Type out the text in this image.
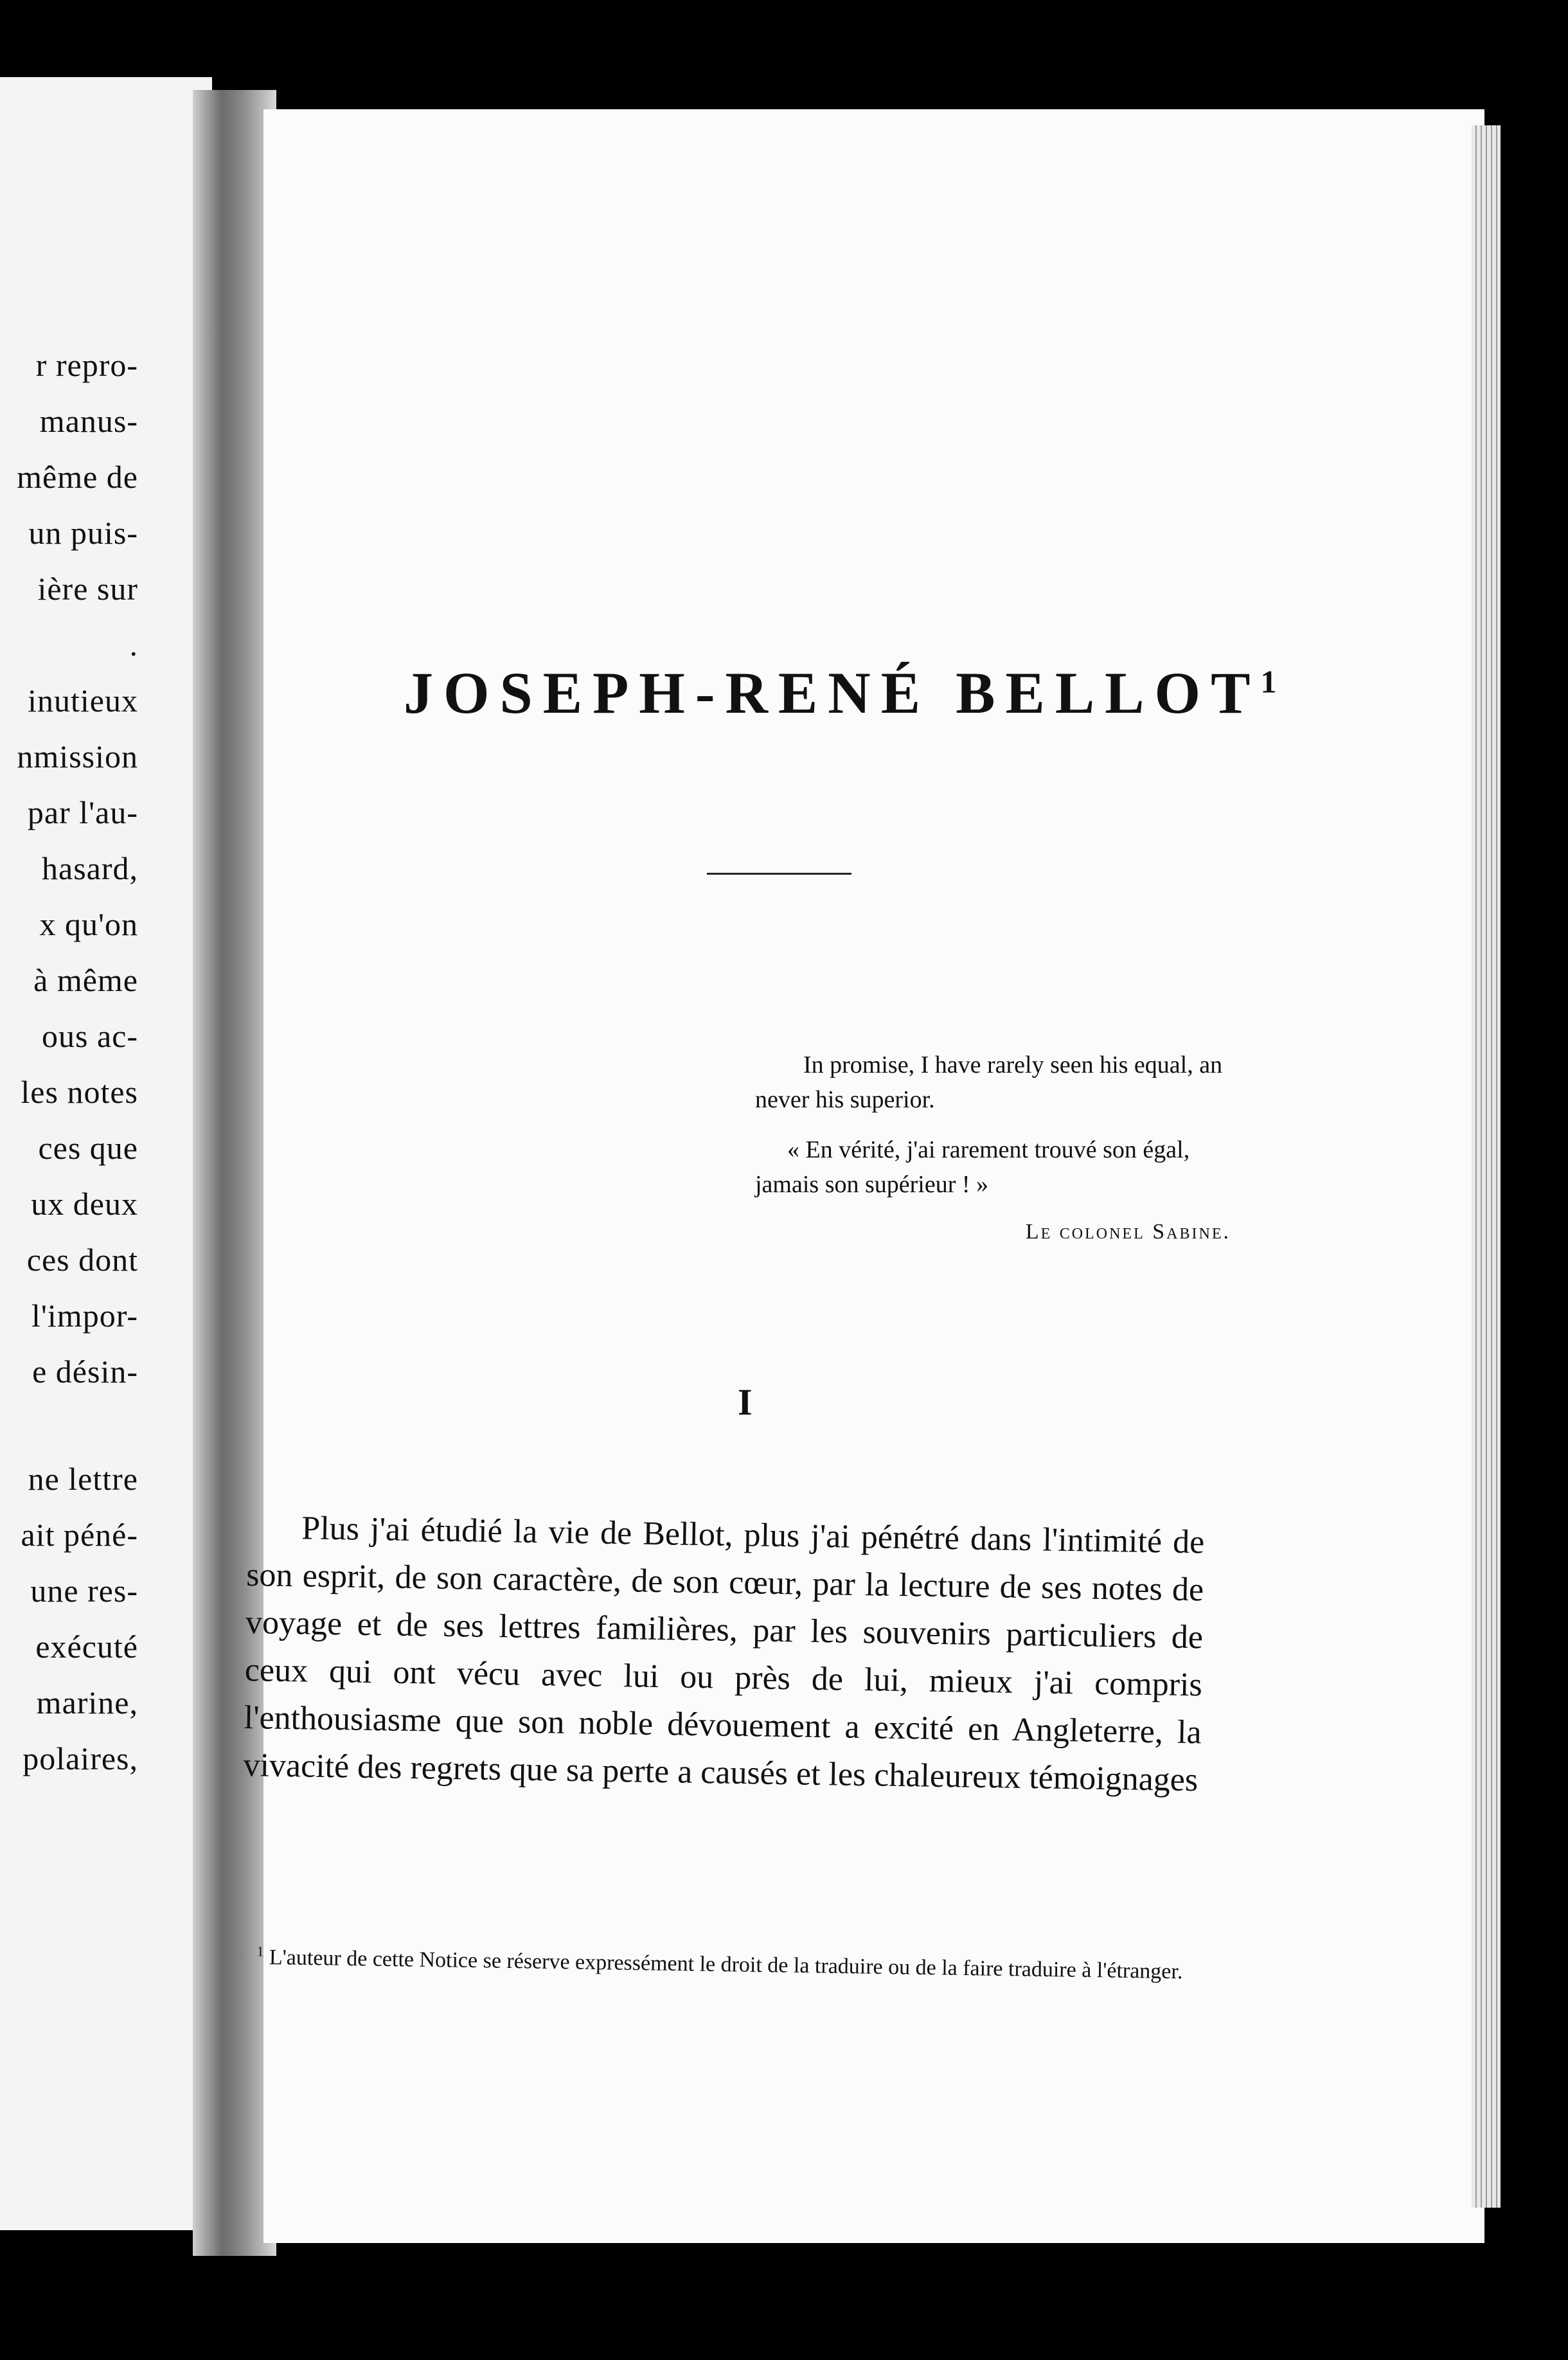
r repro-
manus-
même de
un puis-
ière sur
.
inutieux
nmission
par l'au-
hasard,
x qu'on
à même
ous ac-
les notes
ces que
ux deux
ces dont
l'impor-
e désin-
ne lettre
ait péné-
une res-
exécuté
marine,
polaires,
JOSEPH-RENÉ BELLOT$^1$
In promise, I have rarely seen his equal, an never his superior.
« En vérité, j'ai rarement trouvé son égal, jamais son supérieur ! »
Le colonel Sabine.
I
Plus j'ai étudié la vie de Bellot, plus j'ai pénétré dans l'intimité de son esprit, de son caractère, de son cœur, par la lecture de ses notes de voyage et de ses lettres familières, par les souvenirs particuliers de ceux qui ont vécu avec lui ou près de lui, mieux j'ai compris l'enthousiasme que son noble dévouement a excité en Angleterre, la vivacité des regrets que sa perte a causés et les chaleureux témoignages
$^1$ L'auteur de cette Notice se réserve expressément le droit de la traduire ou de la faire traduire à l'étranger.
